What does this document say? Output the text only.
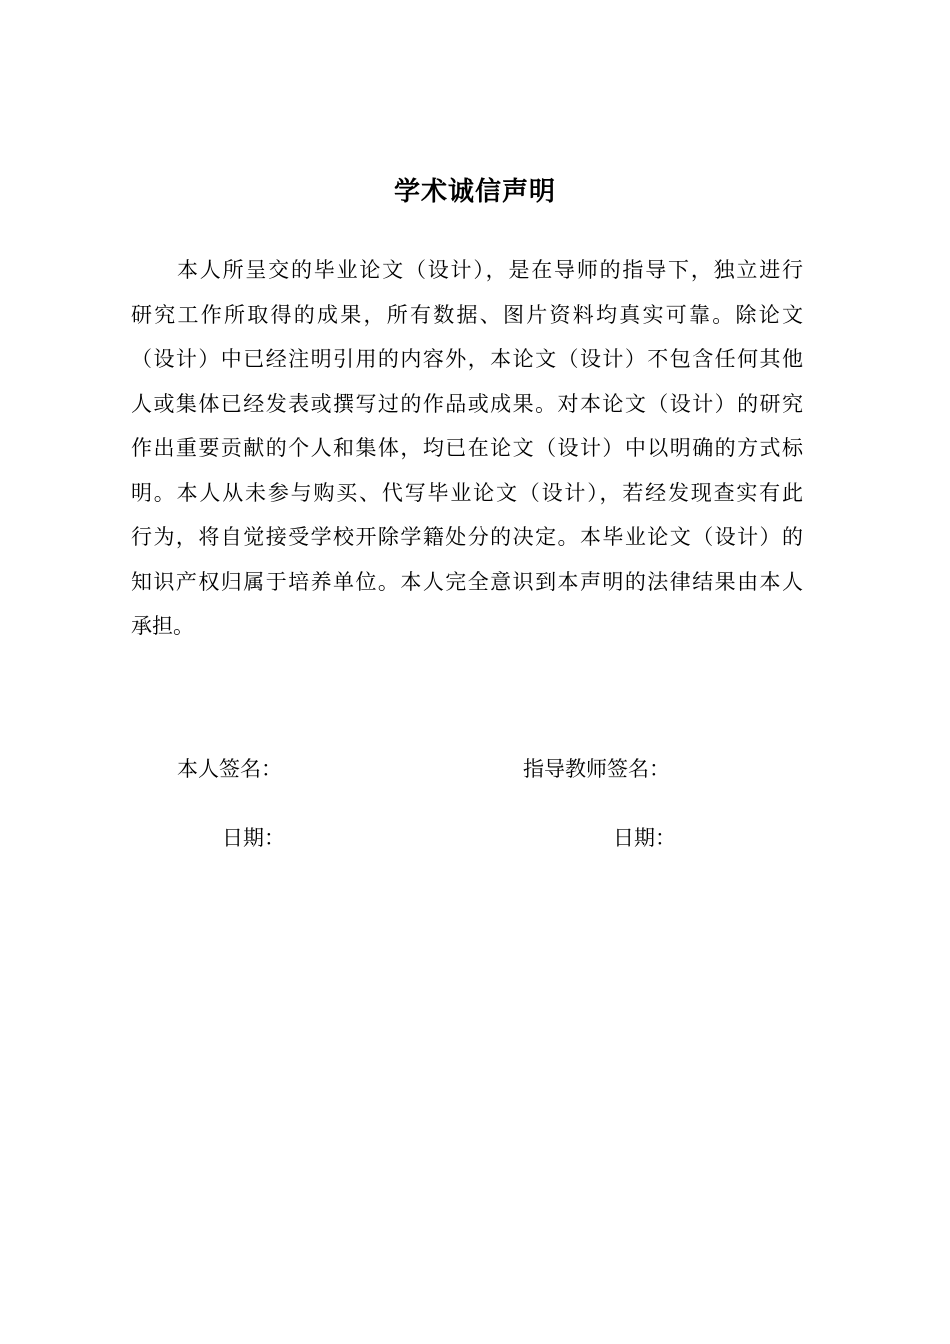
学术诚信声明
本人所呈交的毕业论文（设计），是在导师的指导下，独立进行
研究工作所取得的成果，所有数据、图片资料均真实可靠。除论文
（设计）中已经注明引用的内容外，本论文（设计）不包含任何其他
人或集体已经发表或撰写过的作品或成果。对本论文（设计）的研究
作出重要贡献的个人和集体，均已在论文（设计）中以明确的方式标
明。本人从未参与购买、代写毕业论文（设计），若经发现查实有此
行为，将自觉接受学校开除学籍处分的决定。本毕业论文（设计）的
知识产权归属于培养单位。本人完全意识到本声明的法律结果由本人
承担。
本人签名：	指导教师签名：
日期：	日期：
